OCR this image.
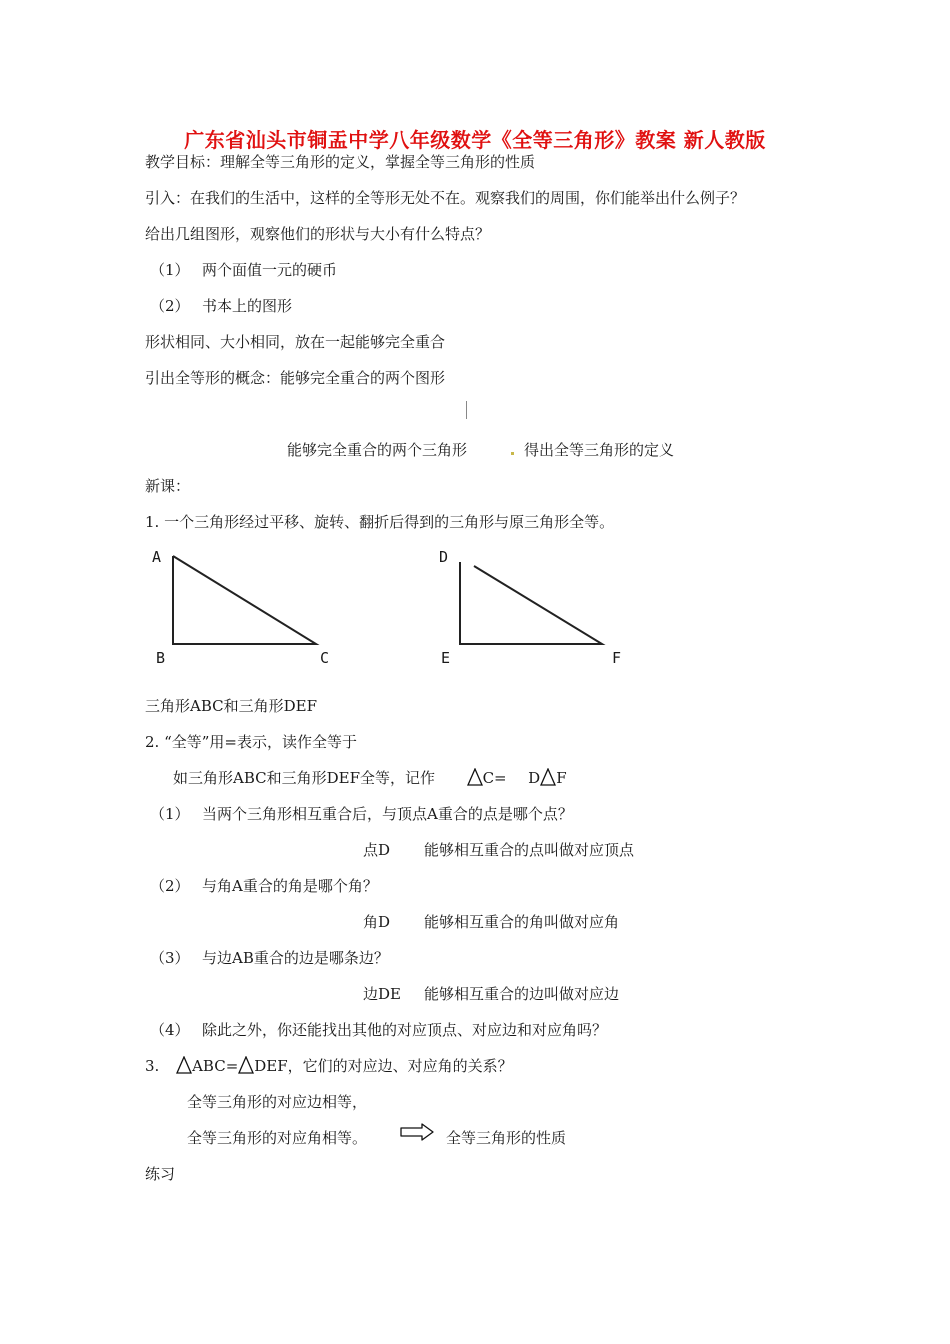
广东省汕头市铜盂中学八年级数学《全等三角形》教案 新人教版
教学目标：理解全等三角形的定义，掌握全等三角形的性质
引入：在我们的生活中，这样的全等形无处不在。观察我们的周围，你们能举出什么例子？
给出几组图形，观察他们的形状与大小有什么特点？
（1） 两个面值一元的硬币
（2） 书本上的图形
形状相同、大小相同，放在一起能够完全重合
引出全等形的概念：能够完全重合的两个图形
能够完全重合的两个三角形	得出全等三角形的定义
新课：
1. 一个三角形经过平移、旋转、翻折后得到的三角形与原三角形全等。
A
B	C
D
E	F
三角形ABC和三角形DEF
2. “全等”用=表示，读作全等于
如三角形ABC和三角形DEF全等，记作	C= D F
（1） 当两个三角形相互重合后，与顶点A重合的点是哪个点？
点D 能够相互重合的点叫做对应顶点
（2） 与角A重合的角是哪个角？
角D 能够相互重合的角叫做对应角
（3） 与边AB重合的边是哪条边？
边DE 能够相互重合的边叫做对应边
（4） 除此之外，你还能找出其他的对应顶点、对应边和对应角吗？
3. ABC= DEF，它们的对应边、对应角的关系？
全等三角形的对应边相等，
全等三角形的对应角相等。	全等三角形的性质
练习
